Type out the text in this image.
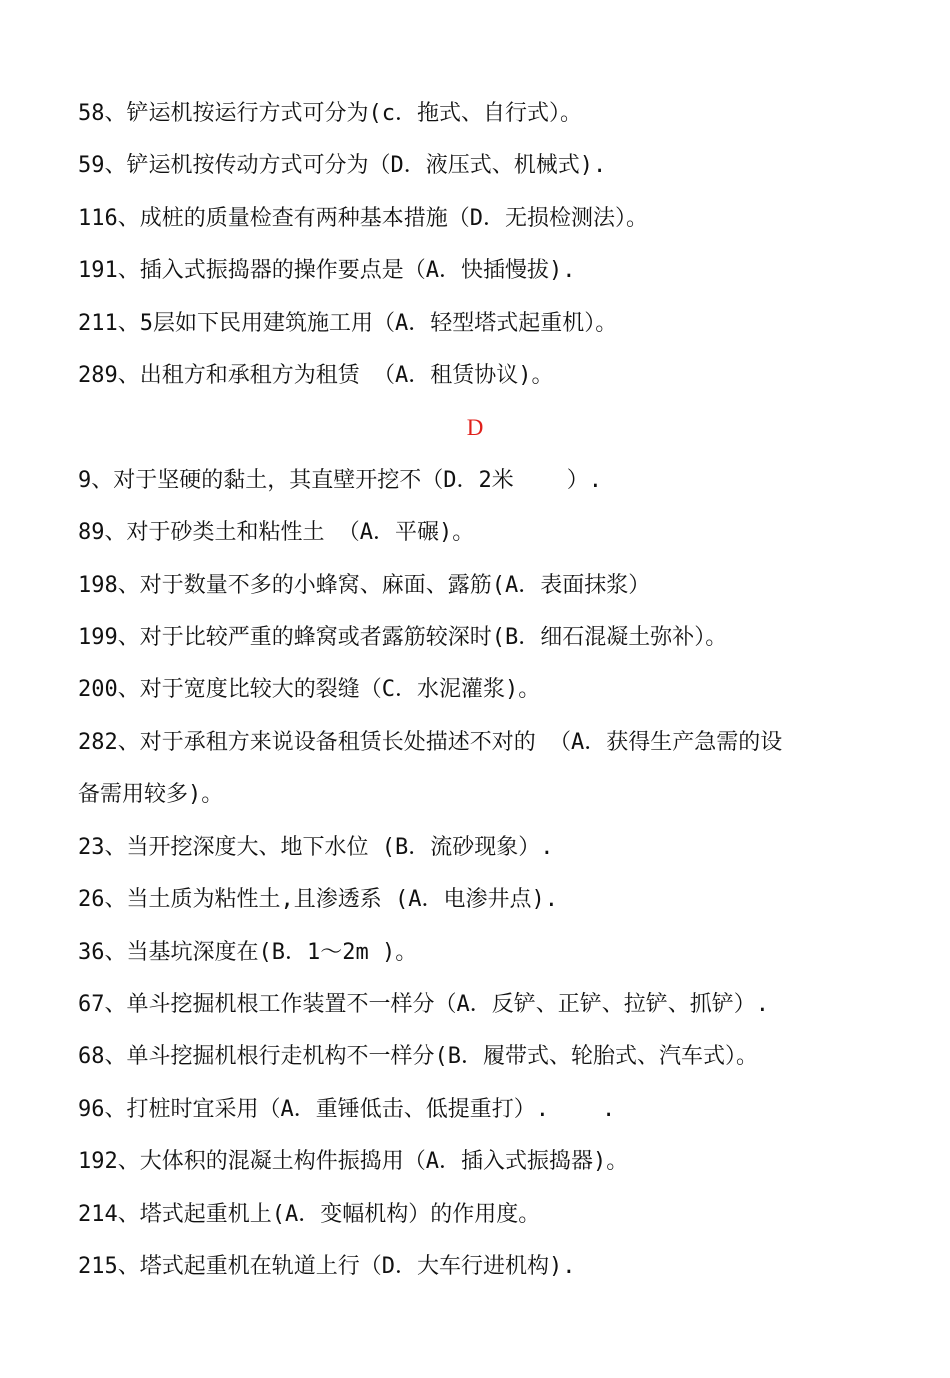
58、铲运机按运行方式可分为(c．拖式、自行式）。

59、铲运机按传动方式可分为（D．液压式、机械式).

116、成桩的质量检查有两种基本措施（D．无损检测法）。

191、插入式振捣器的操作要点是（A．快插慢拔).

211、5层如下民用建筑施工用（A．轻型塔式起重机）。

289、出租方和承租方为租赁 （A．租赁协议)。

D

9、对于坚硬的黏土，其直壁开挖不（D．2米    ）.

89、对于砂类土和粘性土 （A．平碾)。

198、对于数量不多的小蜂窝、麻面、露筋(A．表面抹浆）

199、对于比较严重的蜂窝或者露筋较深时(B．细石混凝土弥补）。

200、对于宽度比较大的裂缝（C．水泥灌浆)。

282、对于承租方来说设备租赁长处描述不对的 （A．获得生产急需的设

备需用较多)。

23、当开挖深度大、地下水位 (B．流砂现象）.

26、当土质为粘性土,且渗透系 (A．电渗井点).

36、当基坑深度在(B．1～2m )。

67、单斗挖掘机根工作装置不一样分（A．反铲、正铲、拉铲、抓铲）.

68、单斗挖掘机根行走机构不一样分(B．履带式、轮胎式、汽车式）。

96、打桩时宜采用（A．重锤低击、低提重打）.    .

192、大体积的混凝土构件振捣用（A．插入式振捣器)。

214、塔式起重机上(A．变幅机构）的作用度。

215、塔式起重机在轨道上行（D．大车行进机构).
